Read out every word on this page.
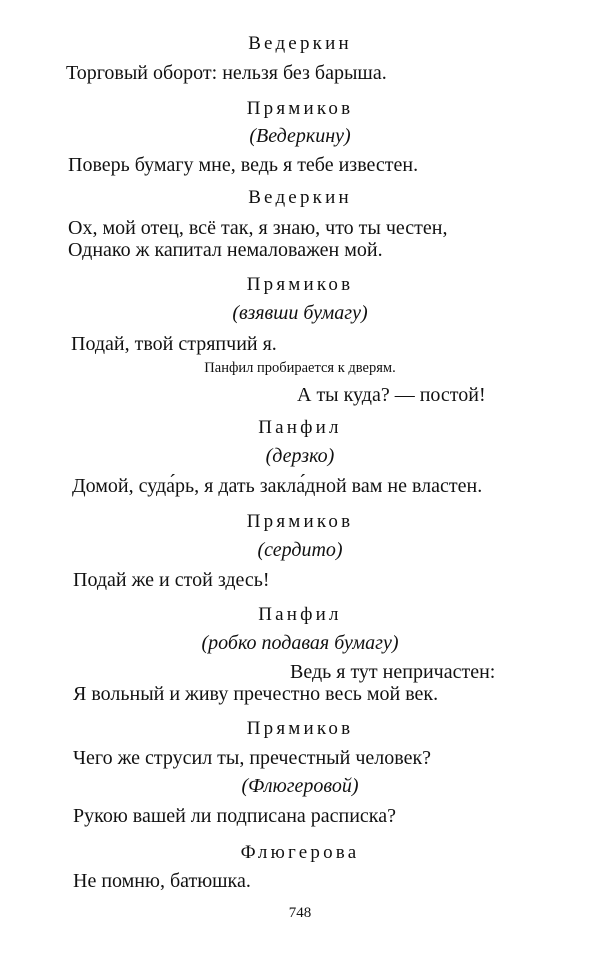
Ведеркин
Торговый оборот: нельзя без барыша.
Прямиков
(Ведеркину)
Поверь бумагу мне, ведь я тебе известен.
Ведеркин
Ох, мой отец, всё так, я знаю, что ты честен,
Однако ж капитал немаловажен мой.
Прямиков
(взявши бумагу)
Подай, твой стряпчий я.
Панфил пробирается к дверям.
А ты куда? — постой!
Панфил
(дерзко)
Домой, суда́рь, я дать закла́дной вам не властен.
Прямиков
(сердито)
Подай же и стой здесь!
Панфил
(робко подавая бумагу)
Ведь я тут непричастен:
Я вольный и живу пречестно весь мой век.
Прямиков
Чего же струсил ты, пречестный человек?
(Флюгеровой)
Рукою вашей ли подписана расписка?
Флюгерова
Не помню, батюшка.
748
